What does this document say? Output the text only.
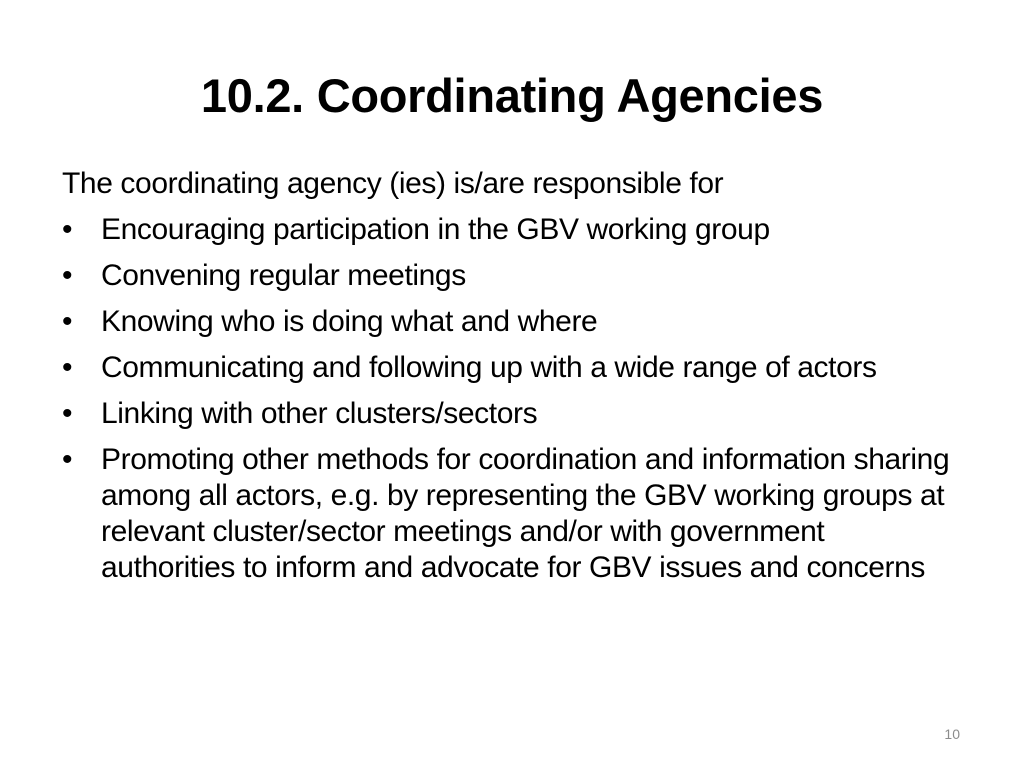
10.2. Coordinating Agencies

The coordinating agency (ies) is/are responsible for

• Encouraging participation in the GBV working group
• Convening regular meetings
• Knowing who is doing what and where
• Communicating and following up with a wide range of actors
• Linking with other clusters/sectors
• Promoting other methods for coordination and information sharing among all actors, e.g. by representing the GBV working groups at relevant cluster/sector meetings and/or with government authorities to inform and advocate for GBV issues and concerns
10
